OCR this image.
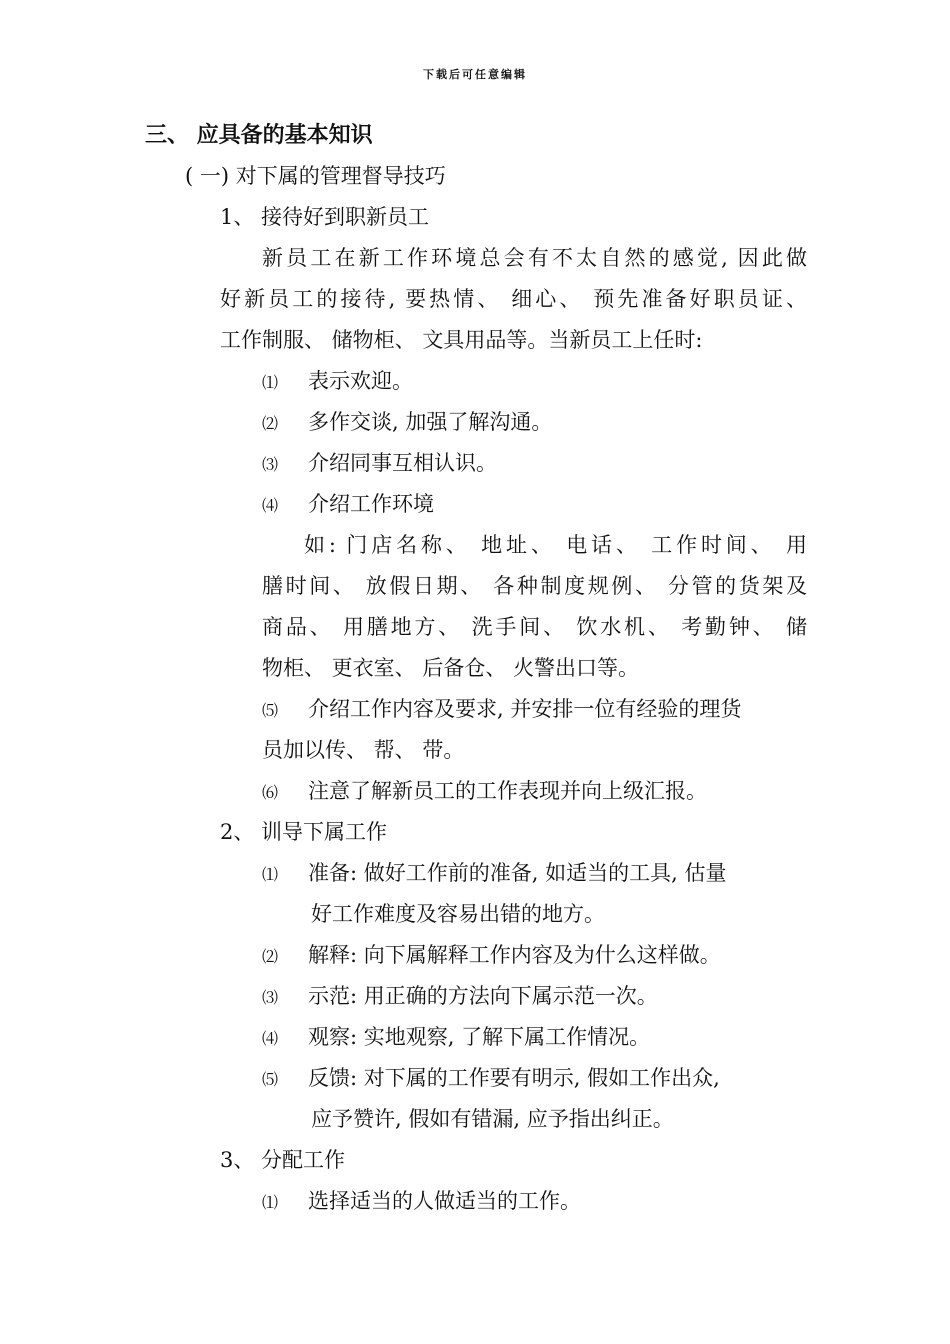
下载后可任意编辑
三、 应具备的基本知识
( 一) 对下属的管理督导技巧
1、 接待好到职新员工
新员工在新工作环境总会有不太自然的感觉, 因此做
好新员工的接待, 要热情、 细心、 预先准备好职员证、
工作制服、 储物柜、 文具用品等。当新员工上任时:
⑴ 表示欢迎。
⑵ 多作交谈, 加强了解沟通。
⑶ 介绍同事互相认识。
⑷ 介绍工作环境
如: 门店名称、 地址、 电话、 工作时间、 用
膳时间、 放假日期、 各种制度规例、 分管的货架及
商品、 用膳地方、 洗手间、 饮水机、 考勤钟、 储
物柜、 更衣室、 后备仓、 火警出口等。
⑸ 介绍工作内容及要求, 并安排一位有经验的理货
员加以传、 帮、 带。
⑹ 注意了解新员工的工作表现并向上级汇报。
2、 训导下属工作
⑴ 准备: 做好工作前的准备, 如适当的工具, 估量
好工作难度及容易出错的地方。
⑵ 解释: 向下属解释工作内容及为什么这样做。
⑶ 示范: 用正确的方法向下属示范一次。
⑷ 观察: 实地观察, 了解下属工作情况。
⑸ 反馈: 对下属的工作要有明示, 假如工作出众,
应予赞许, 假如有错漏, 应予指出纠正。
3、 分配工作
⑴ 选择适当的人做适当的工作。
